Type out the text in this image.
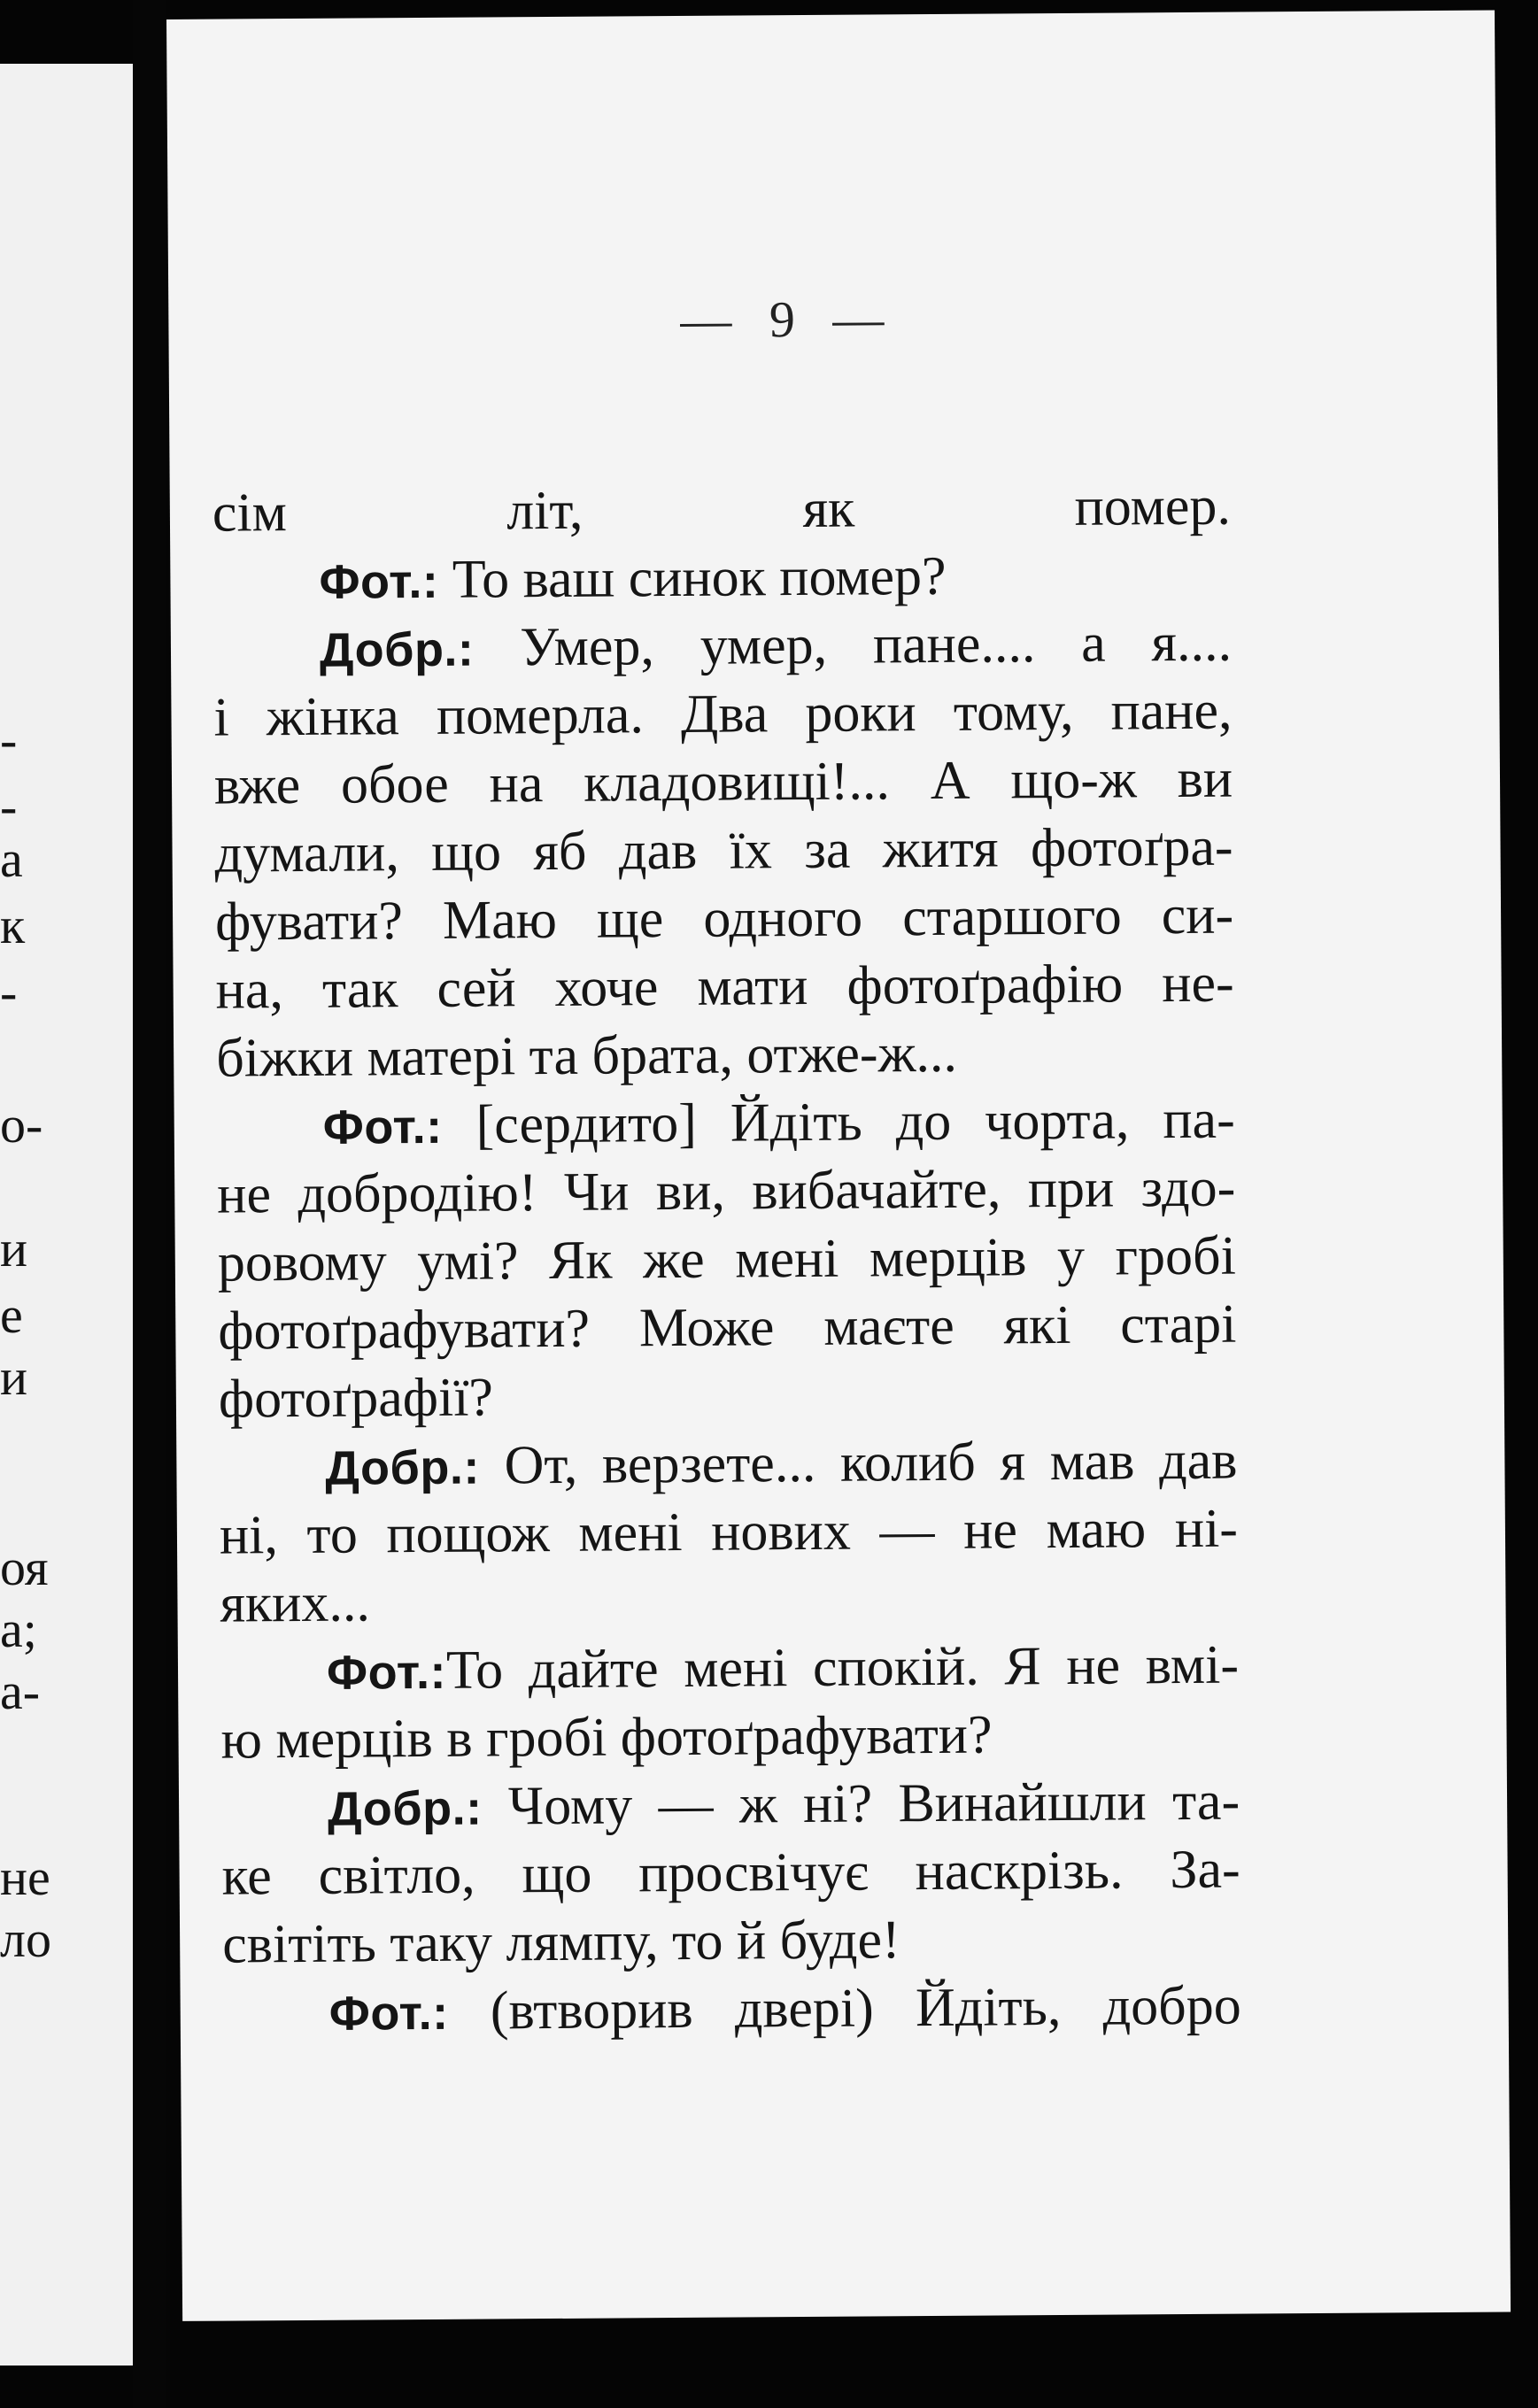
-
-
а
к
-
о-
и
е
и
оя
а;
а-
не
ло
— 9 —
сім літ, як помер.
Фот.: То ваш синок помер?
Добр.: Умер, умер, пане.... а я....
і жінка померла. Два роки тому, пане,
вже обое на кладовищі!... А що-ж ви
думали, що яб дав їх за житя фотоґра-
фувати? Маю ще одного старшого си-
на, так сей хоче мати фотоґрафію не-
біжки матері та брата, отже-ж...
Фот.: [сердито] Йдіть до чорта, па-
не добродію! Чи ви, вибачайте, при здо-
ровому умі? Як же мені мерців у гробі
фотоґрафувати? Може маєте які старі
фотоґрафії?
Добр.: От, верзете... колиб я мав дав
ні, то пощож мені нових — не маю ні-
яких...
Фот.:То дайте мені спокій. Я не вмі-
ю мерців в гробі фотоґрафувати?
Добр.: Чому — ж ні? Винайшли та-
ке світло, що просвічує наскрізь. За-
світіть таку лямпу, то й буде!
Фот.: (втворив двері) Йдіть, добро
